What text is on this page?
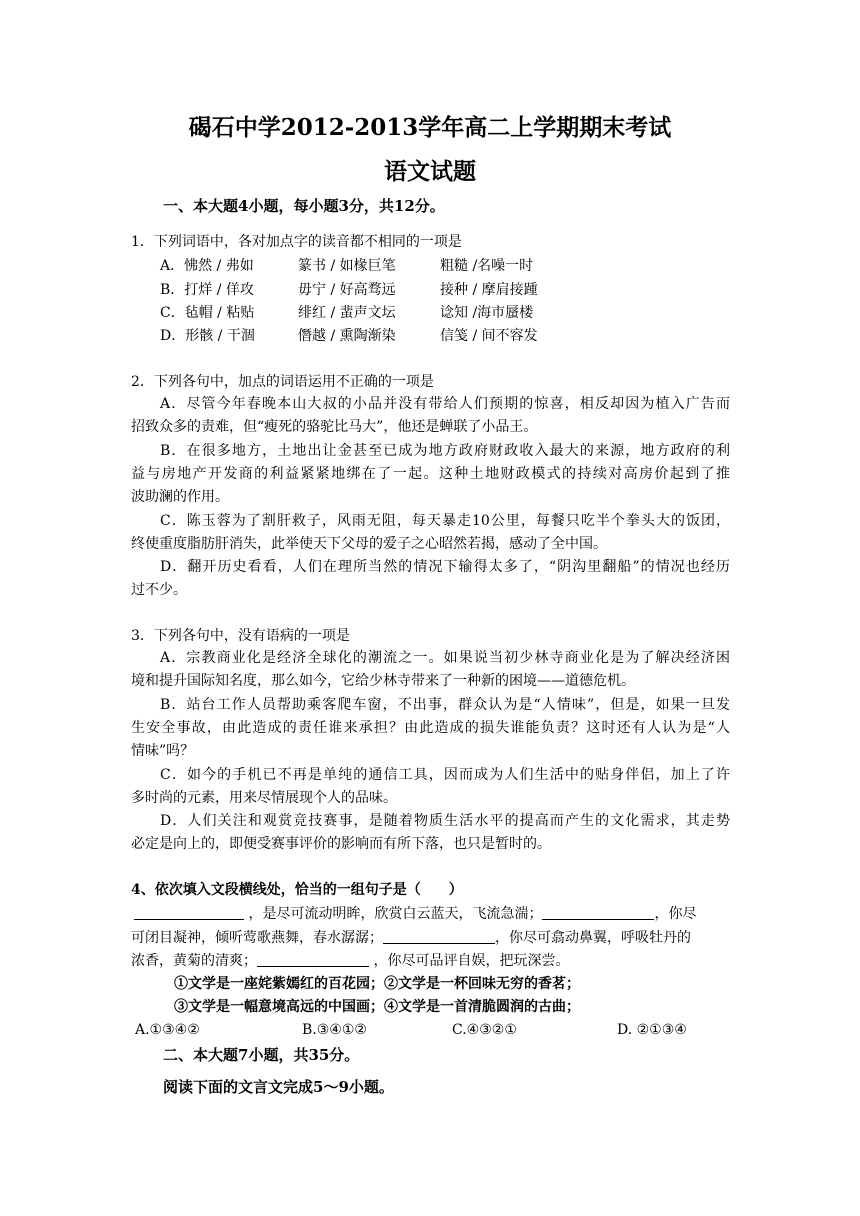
碣石中学2012-2013学年高二上学期期末考试
语文试题
一、本大题4小题，每小题3分，共12分。
1．下列词语中，各对加点字的读音都不相同的一项是
A．怫然 / 弗如	篆书 / 如椽巨笔	粗糙 /名噪一时
B．打烊 / 佯攻	毋宁 / 好高骛远	接种 / 摩肩接踵
C．毡帽 / 粘贴	绯红 / 蜚声文坛	谂知 /海市蜃楼
D．形骸 / 干涸	僭越 / 熏陶渐染	信笺 / 间不容发
2．下列各句中，加点的词语运用不正确的一项是
A．尽管今年春晚本山大叔的小品并没有带给人们预期的惊喜，相反却因为植入广告而
招致众多的责难，但“瘦死的骆驼比马大”，他还是蝉联了小品王。
B．在很多地方，土地出让金甚至已成为地方政府财政收入最大的来源，地方政府的利
益与房地产开发商的利益紧紧地绑在了一起。这种土地财政模式的持续对高房价起到了推
波助澜的作用。
C．陈玉蓉为了割肝救子，风雨无阻，每天暴走10公里，每餐只吃半个拳头大的饭团，
终使重度脂肪肝消失，此举使天下父母的爱子之心昭然若揭，感动了全中国。
D．翻开历史看看，人们在理所当然的情况下输得太多了，“阴沟里翻船”的情况也经历
过不少。
3．下列各句中，没有语病的一项是
A．宗教商业化是经济全球化的潮流之一。如果说当初少林寺商业化是为了解决经济困
境和提升国际知名度，那么如今，它给少林寺带来了一种新的困境——道德危机。
B．站台工作人员帮助乘客爬车窗，不出事，群众认为是“人情味”，但是，如果一旦发
生安全事故，由此造成的责任谁来承担？由此造成的损失谁能负责？这时还有人认为是“人
情味”吗？
C．如今的手机已不再是单纯的通信工具，因而成为人们生活中的贴身伴侣，加上了许
多时尚的元素，用来尽情展现个人的品味。
D．人们关注和观赏竞技赛事，是随着物质生活水平的提高而产生的文化需求，其走势
必定是向上的，即便受赛事评价的影响而有所下落，也只是暂时的。
4、依次填入文段横线处，恰当的一组句子是（　　）
，是尽可流动明眸，欣赏白云蓝天，飞流急湍；	，你尽
可闭目凝神，倾听莺歌燕舞，春水潺潺；	，你尽可翕动鼻翼，呼吸牡丹的
浓香，黄菊的清爽；	，你尽可品评自娱，把玩深尝。
①文学是一座姹紫嫣红的百花园；②文学是一杯回味无穷的香茗；
③文学是一幅意境高远的中国画；④文学是一首清脆圆润的古曲；
A.①③④②	B.③④①②	C.④③②①	D. ②①③④
二、本大题7小题，共35分。
阅读下面的文言文完成5～9小题。
